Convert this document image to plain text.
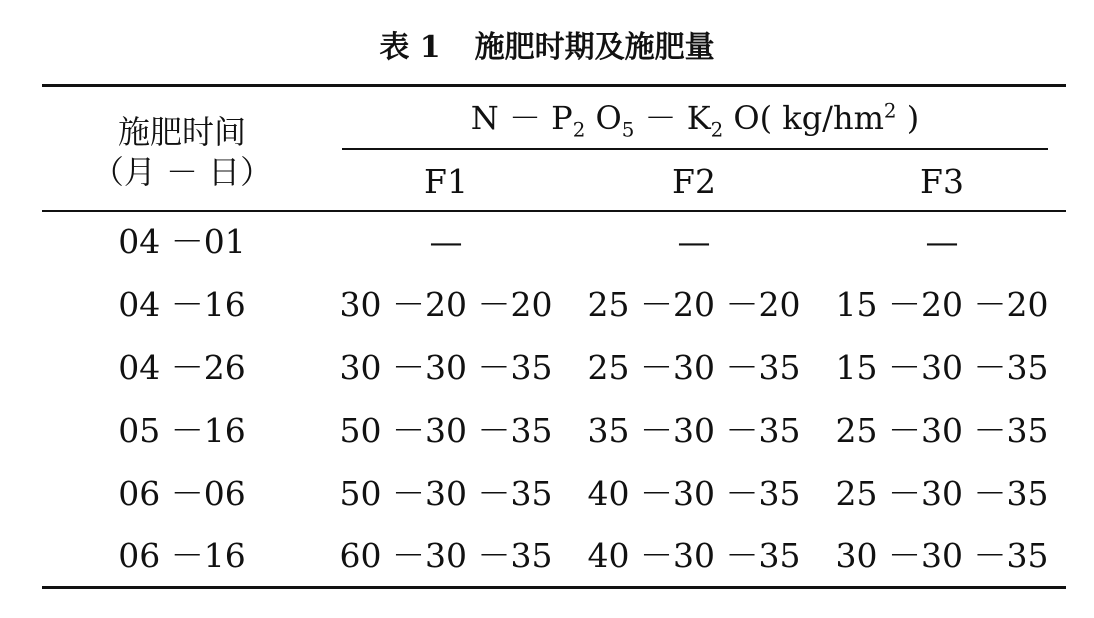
表 1 施肥时期及施肥量
施肥时间
（月 － 日）
$N - P_2$ $O_5 - K_2$ O( $kg/hm^2$ )
F1	F2	F3
04 －01	—	—	—
04 －16	30 －20 －20	25 －20 －20	15 －20 －20
04 －26	30 －30 －35	25 －30 －35	15 －30 －35
05 －16	50 －30 －35	35 －30 －35	25 －30 －35
06 －06	50 －30 －35	40 －30 －35	25 －30 －35
06 －16	60 －30 －35	40 －30 －35	30 －30 －35
